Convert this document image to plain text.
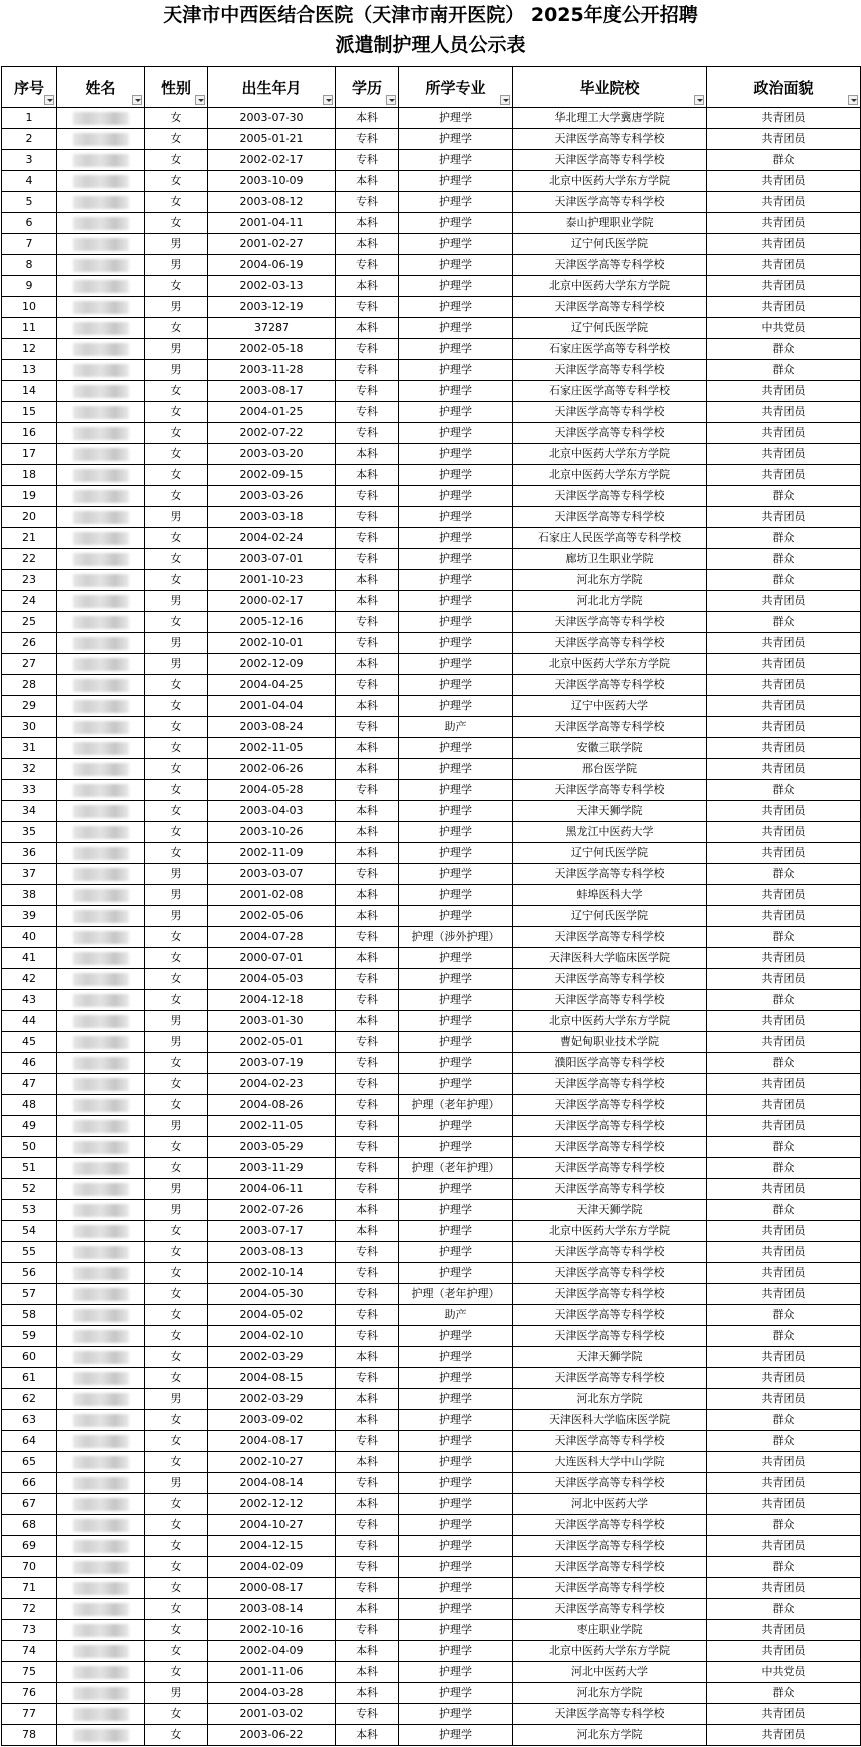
天津市中西医结合医院（天津市南开医院） 2025年度公开招聘
派遣制护理人员公示表
序号	姓名	性别	出生年月	学历	所学专业	毕业院校	政治面貌

1		女	2003-07-30	本科	护理学	华北理工大学冀唐学院	共青团员
2		女	2005-01-21	专科	护理学	天津医学高等专科学校	共青团员
3		女	2002-02-17	专科	护理学	天津医学高等专科学校	群众
4		女	2003-10-09	本科	护理学	北京中医药大学东方学院	共青团员
5		女	2003-08-12	专科	护理学	天津医学高等专科学校	共青团员
6		女	2001-04-11	本科	护理学	泰山护理职业学院	共青团员
7		男	2001-02-27	本科	护理学	辽宁何氏医学院	共青团员
8		男	2004-06-19	专科	护理学	天津医学高等专科学校	共青团员
9		女	2002-03-13	本科	护理学	北京中医药大学东方学院	共青团员
10		男	2003-12-19	专科	护理学	天津医学高等专科学校	共青团员
11		女	37287	本科	护理学	辽宁何氏医学院	中共党员
12		男	2002-05-18	专科	护理学	石家庄医学高等专科学校	群众
13		男	2003-11-28	专科	护理学	天津医学高等专科学校	群众
14		女	2003-08-17	专科	护理学	石家庄医学高等专科学校	共青团员
15		女	2004-01-25	专科	护理学	天津医学高等专科学校	共青团员
16		女	2002-07-22	专科	护理学	天津医学高等专科学校	共青团员
17		女	2003-03-20	本科	护理学	北京中医药大学东方学院	共青团员
18		女	2002-09-15	本科	护理学	北京中医药大学东方学院	共青团员
19		女	2003-03-26	专科	护理学	天津医学高等专科学校	群众
20		男	2003-03-18	专科	护理学	天津医学高等专科学校	共青团员
21		女	2004-02-24	专科	护理学	石家庄人民医学高等专科学校	群众
22		女	2003-07-01	专科	护理学	廊坊卫生职业学院	群众
23		女	2001-10-23	本科	护理学	河北东方学院	群众
24		男	2000-02-17	本科	护理学	河北北方学院	共青团员
25		女	2005-12-16	专科	护理学	天津医学高等专科学校	群众
26		男	2002-10-01	专科	护理学	天津医学高等专科学校	共青团员
27		男	2002-12-09	本科	护理学	北京中医药大学东方学院	共青团员
28		女	2004-04-25	专科	护理学	天津医学高等专科学校	共青团员
29		女	2001-04-04	本科	护理学	辽宁中医药大学	共青团员
30		女	2003-08-24	专科	助产	天津医学高等专科学校	共青团员
31		女	2002-11-05	本科	护理学	安徽三联学院	共青团员
32		女	2002-06-26	本科	护理学	邢台医学院	共青团员
33		女	2004-05-28	专科	护理学	天津医学高等专科学校	群众
34		女	2003-04-03	本科	护理学	天津天狮学院	共青团员
35		女	2003-10-26	本科	护理学	黑龙江中医药大学	共青团员
36		女	2002-11-09	本科	护理学	辽宁何氏医学院	共青团员
37		男	2003-03-07	专科	护理学	天津医学高等专科学校	群众
38		男	2001-02-08	本科	护理学	蚌埠医科大学	共青团员
39		男	2002-05-06	本科	护理学	辽宁何氏医学院	共青团员
40		女	2004-07-28	专科	护理（涉外护理）	天津医学高等专科学校	群众
41		女	2000-07-01	本科	护理学	天津医科大学临床医学院	共青团员
42		女	2004-05-03	专科	护理学	天津医学高等专科学校	共青团员
43		女	2004-12-18	专科	护理学	天津医学高等专科学校	群众
44		男	2003-01-30	本科	护理学	北京中医药大学东方学院	共青团员
45		男	2002-05-01	专科	护理学	曹妃甸职业技术学院	共青团员
46		女	2003-07-19	专科	护理学	濮阳医学高等专科学校	群众
47		女	2004-02-23	专科	护理学	天津医学高等专科学校	共青团员
48		女	2004-08-26	专科	护理（老年护理）	天津医学高等专科学校	共青团员
49		男	2002-11-05	专科	护理学	天津医学高等专科学校	共青团员
50		女	2003-05-29	专科	护理学	天津医学高等专科学校	群众
51		女	2003-11-29	专科	护理（老年护理）	天津医学高等专科学校	群众
52		男	2004-06-11	专科	护理学	天津医学高等专科学校	共青团员
53		男	2002-07-26	本科	护理学	天津天狮学院	群众
54		女	2003-07-17	本科	护理学	北京中医药大学东方学院	共青团员
55		女	2003-08-13	专科	护理学	天津医学高等专科学校	共青团员
56		女	2002-10-14	专科	护理学	天津医学高等专科学校	共青团员
57		女	2004-05-30	专科	护理（老年护理）	天津医学高等专科学校	共青团员
58		女	2004-05-02	专科	助产	天津医学高等专科学校	群众
59		女	2004-02-10	专科	护理学	天津医学高等专科学校	群众
60		女	2002-03-29	本科	护理学	天津天狮学院	共青团员
61		女	2004-08-15	专科	护理学	天津医学高等专科学校	共青团员
62		男	2002-03-29	本科	护理学	河北东方学院	共青团员
63		女	2003-09-02	本科	护理学	天津医科大学临床医学院	群众
64		女	2004-08-17	专科	护理学	天津医学高等专科学校	群众
65		女	2002-10-27	本科	护理学	大连医科大学中山学院	共青团员
66		男	2004-08-14	专科	护理学	天津医学高等专科学校	共青团员
67		女	2002-12-12	本科	护理学	河北中医药大学	共青团员
68		女	2004-10-27	专科	护理学	天津医学高等专科学校	群众
69		女	2004-12-15	专科	护理学	天津医学高等专科学校	共青团员
70		女	2004-02-09	专科	护理学	天津医学高等专科学校	群众
71		女	2000-08-17	专科	护理学	天津医学高等专科学校	共青团员
72		女	2003-08-14	本科	护理学	天津医学高等专科学校	群众
73		女	2002-10-16	专科	护理学	枣庄职业学院	共青团员
74		女	2002-04-09	本科	护理学	北京中医药大学东方学院	共青团员
75		女	2001-11-06	本科	护理学	河北中医药大学	中共党员
76		男	2004-03-28	本科	护理学	河北东方学院	群众
77		女	2001-03-02	专科	护理学	天津医学高等专科学校	共青团员
78		女	2003-06-22	本科	护理学	河北东方学院	共青团员
